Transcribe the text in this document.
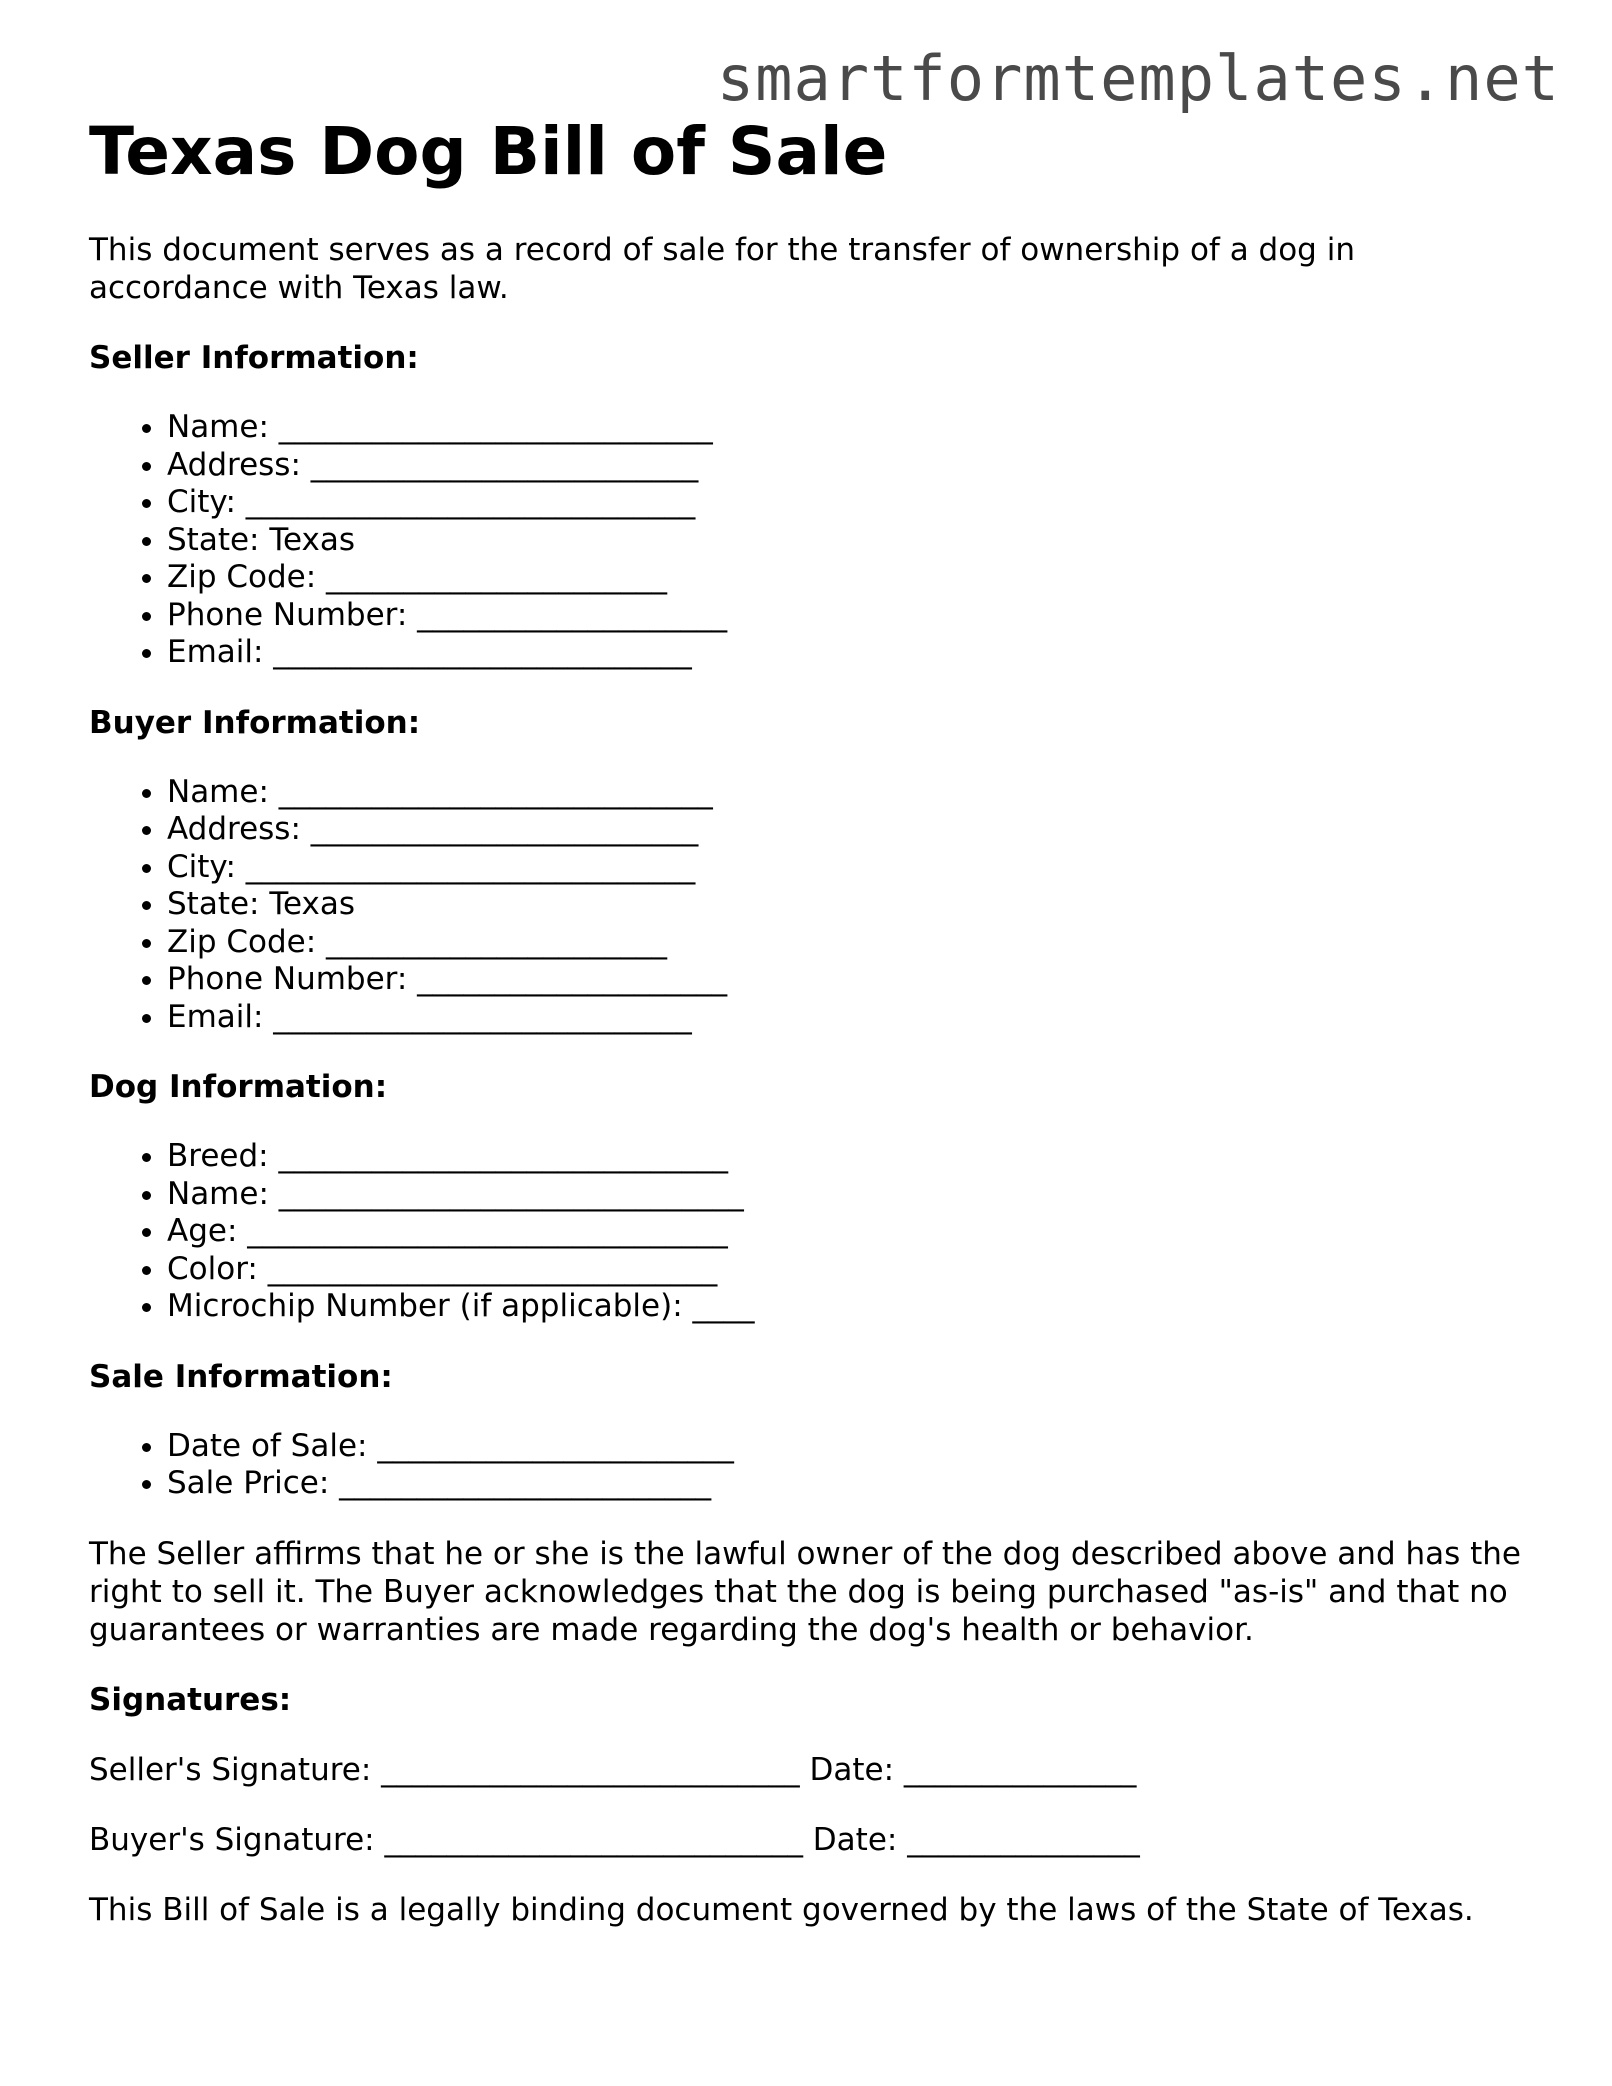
smartformtemplates.net
Texas Dog Bill of Sale

This document serves as a record of sale for the transfer of ownership of a dog in accordance with Texas law.

Seller Information:
• Name: ____________________________
• Address: _________________________
• City: _____________________________
• State: Texas
• Zip Code: ______________________
• Phone Number: ____________________
• Email: ___________________________
Buyer Information:
• Name: ____________________________
• Address: _________________________
• City: _____________________________
• State: Texas
• Zip Code: ______________________
• Phone Number: ____________________
• Email: ___________________________
Dog Information:
• Breed: _____________________________
• Name: ______________________________
• Age: _______________________________
• Color: _____________________________
• Microchip Number (if applicable): ____
Sale Information:
• Date of Sale: _______________________
• Sale Price: ________________________

The Seller affirms that he or she is the lawful owner of the dog described above and has the right to sell it. The Buyer acknowledges that the dog is being purchased "as-is" and that no guarantees or warranties are made regarding the dog's health or behavior.

Signatures:
Seller's Signature: ___________________________ Date: _______________
Buyer's Signature: ___________________________ Date: _______________

This Bill of Sale is a legally binding document governed by the laws of the State of Texas.
